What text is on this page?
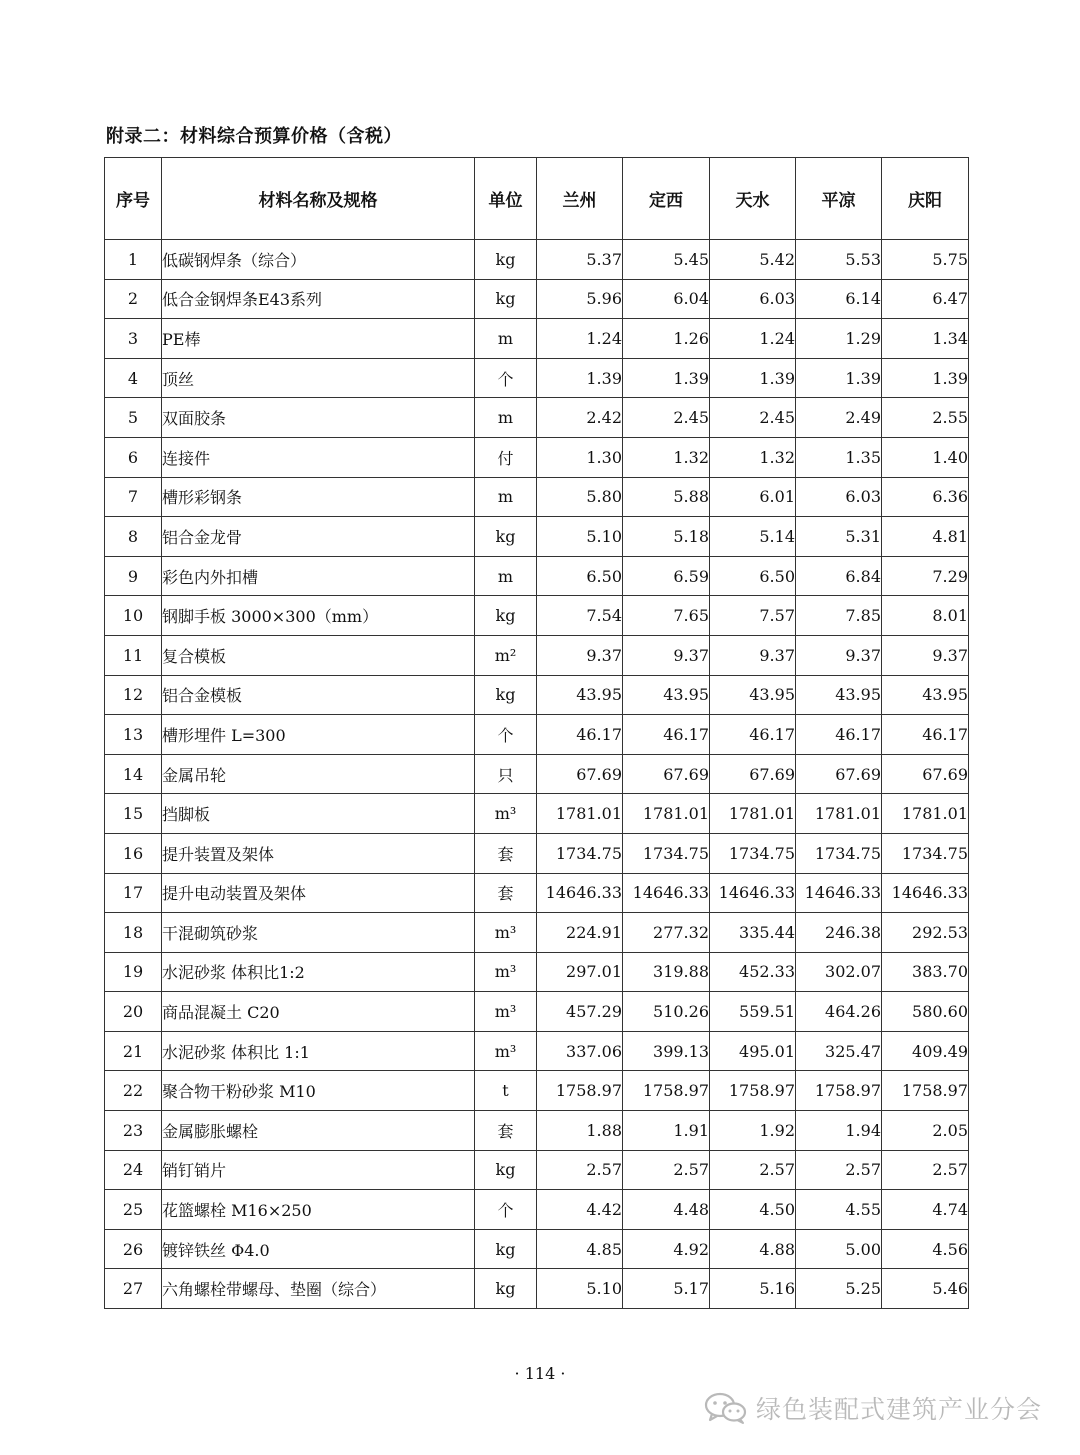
附录二：材料综合预算价格（含税）
序号	材料名称及规格	单位	兰州	定西	天水	平凉	庆阳
1	低碳钢焊条（综合）	kg	5.37	5.45	5.42	5.53	5.75
2	低合金钢焊条E43系列	kg	5.96	6.04	6.03	6.14	6.47
3	PE棒	m	1.24	1.26	1.24	1.29	1.34
4	顶丝	个	1.39	1.39	1.39	1.39	1.39
5	双面胶条	m	2.42	2.45	2.45	2.49	2.55
6	连接件	付	1.30	1.32	1.32	1.35	1.40
7	槽形彩钢条	m	5.80	5.88	6.01	6.03	6.36
8	铝合金龙骨	kg	5.10	5.18	5.14	5.31	4.81
9	彩色内外扣槽	m	6.50	6.59	6.50	6.84	7.29
10	钢脚手板 3000×300（mm）	kg	7.54	7.65	7.57	7.85	8.01
11	复合模板	m²	9.37	9.37	9.37	9.37	9.37
12	铝合金模板	kg	43.95	43.95	43.95	43.95	43.95
13	槽形埋件 L=300	个	46.17	46.17	46.17	46.17	46.17
14	金属吊轮	只	67.69	67.69	67.69	67.69	67.69
15	挡脚板	m³	1781.01	1781.01	1781.01	1781.01	1781.01
16	提升装置及架体	套	1734.75	1734.75	1734.75	1734.75	1734.75
17	提升电动装置及架体	套	14646.33	14646.33	14646.33	14646.33	14646.33
18	干混砌筑砂浆	m³	224.91	277.32	335.44	246.38	292.53
19	水泥砂浆 体积比1:2	m³	297.01	319.88	452.33	302.07	383.70
20	商品混凝土 C20	m³	457.29	510.26	559.51	464.26	580.60
21	水泥砂浆 体积比 1:1	m³	337.06	399.13	495.01	325.47	409.49
22	聚合物干粉砂浆 M10	t	1758.97	1758.97	1758.97	1758.97	1758.97
23	金属膨胀螺栓	套	1.88	1.91	1.92	1.94	2.05
24	销钉销片	kg	2.57	2.57	2.57	2.57	2.57
25	花篮螺栓 M16×250	个	4.42	4.48	4.50	4.55	4.74
26	镀锌铁丝 Φ4.0	kg	4.85	4.92	4.88	5.00	4.56
27	六角螺栓带螺母、垫圈（综合）	kg	5.10	5.17	5.16	5.25	5.46
· 114 ·
绿色装配式建筑产业分会
